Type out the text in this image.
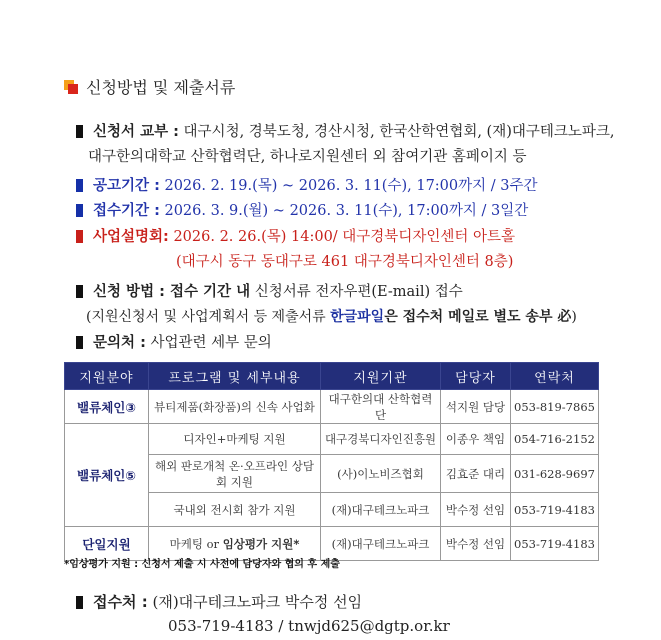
신청방법 및 제출서류
신청서 교부 : 대구시청, 경북도청, 경산시청, 한국산학연협회, (재)대구테크노파크,
대구한의대학교 산학협력단, 하나로지원센터 외 참여기관 홈페이지 등
공고기간 : 2026. 2. 19.(목) ~ 2026. 3. 11(수), 17:00까지 / 3주간
접수기간 : 2026. 3. 9.(월) ~ 2026. 3. 11(수), 17:00까지 / 3일간
사업설명회: 2026. 2. 26.(목) 14:00/ 대구경북디자인센터 아트홀
(대구시 동구 동대구로 461 대구경북디자인센터 8층)
신청 방법 : 접수 기간 내 신청서류 전자우편(E-mail) 접수
(지원신청서 및 사업계획서 등 제출서류 한글파일은 접수처 메일로 별도 송부 必)
문의처 : 사업관련 세부 문의
지원분야	프로그램 및 세부내용	지원기관	담당자	연락처
밸류체인③	뷰티제품(화장품)의 신속 사업화	대구한의대 산학협력단	석지원 담당	053-819-7865
밸류체인⑤	디자인+마케팅 지원	대구경북디자인진흥원	이종우 책임	054-716-2152
	해외 판로개척 온·오프라인 상담회 지원	(사)이노비즈협회	김효준 대리	031-628-9697
	국내외 전시회 참가 지원	(재)대구테크노파크	박수정 선임	053-719-4183
단일지원	마케팅 or 임상평가 지원*	(재)대구테크노파크	박수정 선임	053-719-4183
*임상평가 지원 : 신청서 제출 시 사전에 담당자와 협의 후 제출
접수처 : (재)대구테크노파크 박수정 선임
053-719-4183 / tnwjd625@dgtp.or.kr
